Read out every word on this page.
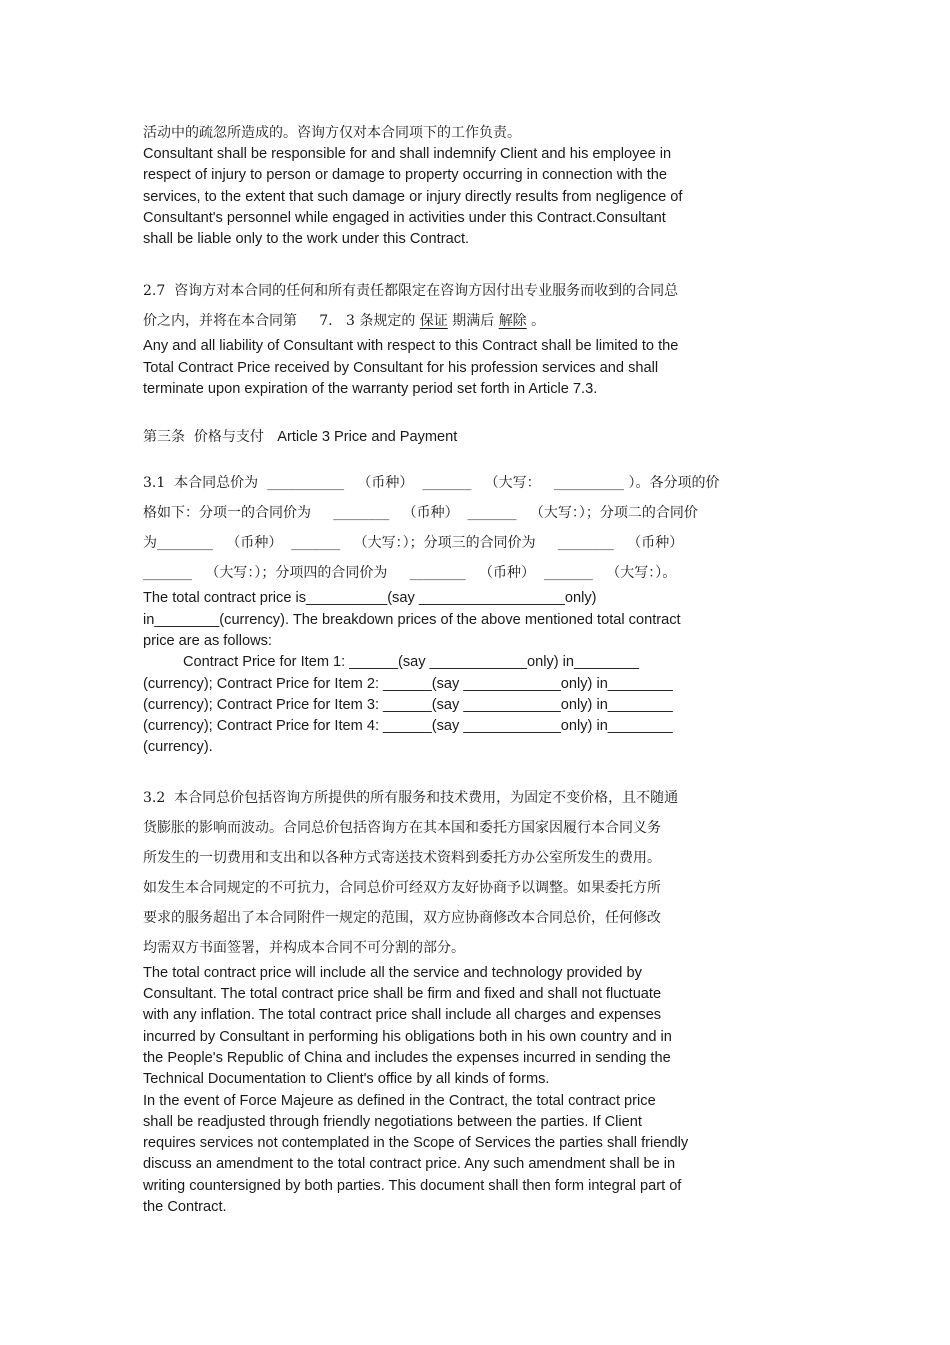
活动中的疏忽所造成的。咨询方仅对本合同项下的工作负责。

Consultant shall be responsible for and shall indemnify Client and his employee in

respect of injury to person or damage to property occurring in connection with the

services, to the extent that such damage or injury directly results from negligence of

Consultant's personnel while engaged in activities under this Contract.Consultant

shall be liable only to the work under this Contract.

2.7  咨询方对本合同的任何和所有责任都限定在咨询方因付出专业服务而收到的合同总

价之内，并将在本合同第     7.   3 条规定的 保证 期满后 解除 。

Any and all liability of Consultant with respect to this Contract shall be limited to the

Total Contract Price received by Consultant for his profession services and shall

terminate upon expiration of the warranty period set forth in Article 7.3.

第三条  价格与支付   Article 3 Price and Payment

3.1  本合同总价为  ___________   （币种）  _______   （大写：   __________ ）。各分项的价

格如下：分项一的合同价为     ________   （币种）  _______   （大写：）；分项二的合同价

为________   （币种）  _______   （大写：）；分项三的合同价为     ________   （币种）

_______   （大写：）；分项四的合同价为     ________   （币种）  _______   （大写：）。

The total contract price is__________(say __________________only)

in________(currency). The breakdown prices of the above mentioned total contract

price are as follows:

Contract Price for Item 1: ______(say ____________only) in________

(currency); Contract Price for Item 2: ______(say ____________only) in________

(currency); Contract Price for Item 3: ______(say ____________only) in________

(currency); Contract Price for Item 4: ______(say ____________only) in________

(currency).

3.2  本合同总价包括咨询方所提供的所有服务和技术费用，为固定不变价格，且不随通

货膨胀的影响而波动。合同总价包括咨询方在其本国和委托方国家因履行本合同义务

所发生的一切费用和支出和以各种方式寄送技术资料到委托方办公室所发生的费用。

如发生本合同规定的不可抗力，合同总价可经双方友好协商予以调整。如果委托方所

要求的服务超出了本合同附件一规定的范围，双方应协商修改本合同总价，任何修改

均需双方书面签署，并构成本合同不可分割的部分。

The total contract price will include all the service and technology provided by

Consultant. The total contract price shall be firm and fixed and shall not fluctuate

with any inflation. The total contract price shall include all charges and expenses

incurred by Consultant in performing his obligations both in his own country and in

the People's Republic of China and includes the expenses incurred in sending the

Technical Documentation to Client's office by all kinds of forms.

In the event of Force Majeure as defined in the Contract, the total contract price

shall be readjusted through friendly negotiations between the parties. If Client

requires services not contemplated in the Scope of Services the parties shall friendly

discuss an amendment to the total contract price. Any such amendment shall be in

writing countersigned by both parties. This document shall then form integral part of

the Contract.
